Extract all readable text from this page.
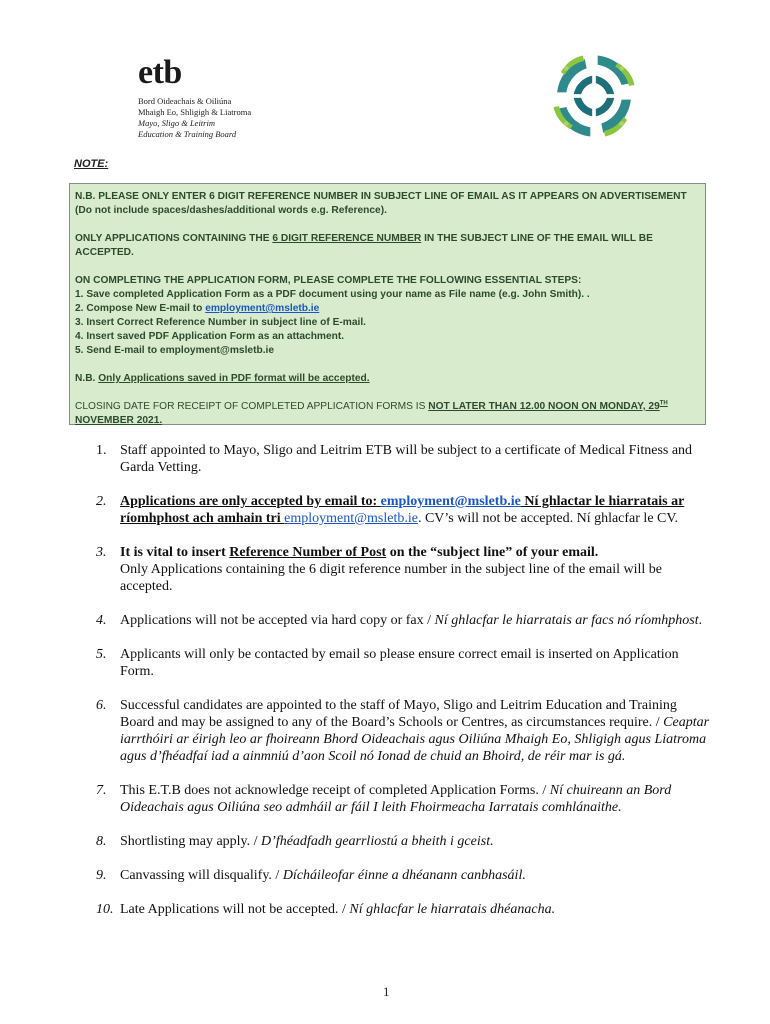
etb
Bord Oideachais & Oiliúna
Mhaigh Eo, Shligigh & Liatroma
Mayo, Sligo & Leitrim
Education & Training Board
NOTE:

N.B. PLEASE ONLY ENTER 6 DIGIT REFERENCE NUMBER IN SUBJECT LINE OF EMAIL AS IT APPEARS ON ADVERTISEMENT (Do not include spaces/dashes/additional words e.g. Reference).

ONLY APPLICATIONS CONTAINING THE 6 DIGIT REFERENCE NUMBER IN THE SUBJECT LINE OF THE EMAIL WILL BE ACCEPTED.

ON COMPLETING THE APPLICATION FORM, PLEASE COMPLETE THE FOLLOWING ESSENTIAL STEPS:

1. Save completed Application Form as a PDF document using your name as File name (e.g. John Smith). .

2. Compose New E-mail to employment@msletb.ie

3. Insert Correct Reference Number in subject line of E-mail.

4. Insert saved PDF Application Form as an attachment.

5. Send E-mail to employment@msletb.ie

N.B. Only Applications saved in PDF format will be accepted.

CLOSING DATE FOR RECEIPT OF COMPLETED APPLICATION FORMS IS NOT LATER THAN 12.00 NOON ON MONDAY, 29TH NOVEMBER 2021.

1. Staff appointed to Mayo, Sligo and Leitrim ETB will be subject to a certificate of Medical Fitness and Garda Vetting.
2. Applications are only accepted by email to: employment@msletb.ie Ní ghlactar le hiarratais ar ríomhphost ach amhain tri employment@msletb.ie. CV’s will not be accepted. Ní ghlacfar le CV.
3. It is vital to insert Reference Number of Post on the “subject line” of your email.
Only Applications containing the 6 digit reference number in the subject line of the email will be accepted.
4. Applications will not be accepted via hard copy or fax / Ní ghlacfar le hiarratais ar facs nó ríomhphost.
5. Applicants will only be contacted by email so please ensure correct email is inserted on Application Form.
6. Successful candidates are appointed to the staff of Mayo, Sligo and Leitrim Education and Training Board and may be assigned to any of the Board’s Schools or Centres, as circumstances require. / Ceaptar iarrthóiri ar éirigh leo ar fhoireann Bhord Oideachais agus Oiliúna Mhaigh Eo, Shligigh agus Liatroma agus d’fhéadfaí iad a ainmniú d’aon Scoil nó Ionad de chuid an Bhoird, de réir mar is gá.
7. This E.T.B does not acknowledge receipt of completed Application Forms. / Ní chuireann an Bord Oideachais agus Oiliúna seo admháil ar fáil I leith Fhoirmeacha Iarratais comhlánaithe.
8. Shortlisting may apply. / D’fhéadfadh gearrliostú a bheith i gceist.
9. Canvassing will disqualify. / Dícháileofar éinne a dhéanann canbhasáil.
10. Late Applications will not be accepted. / Ní ghlacfar le hiarratais dhéanacha.
1
